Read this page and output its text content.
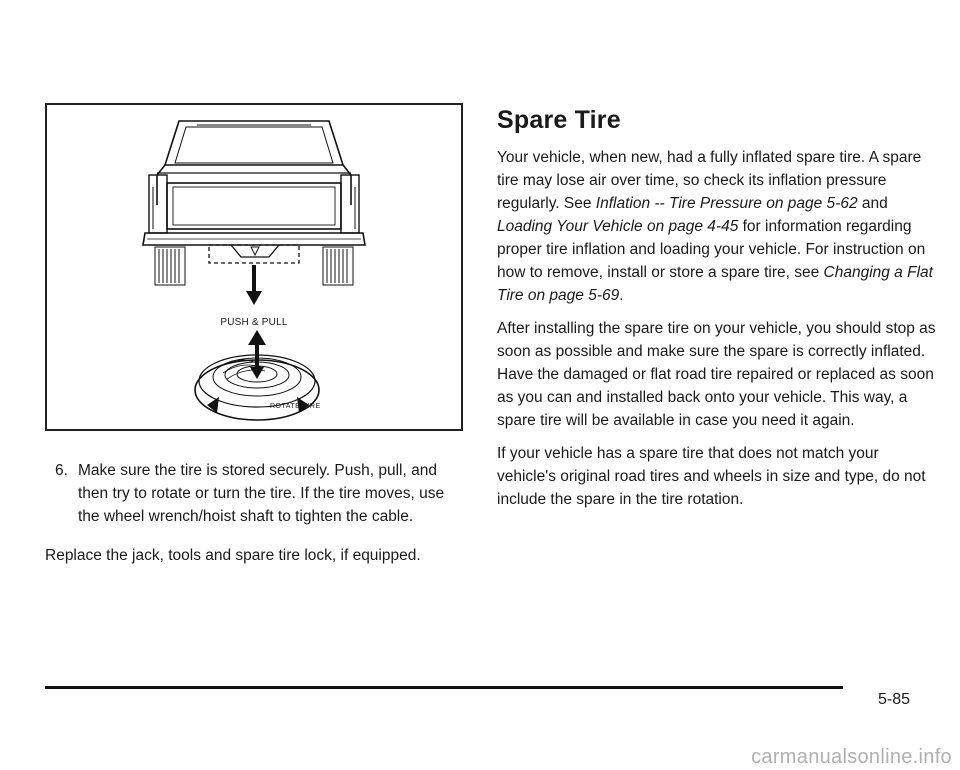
PUSH & PULL
ROTATE TIRE
6. Make sure the tire is stored securely. Push, pull, and then try to rotate or turn the tire. If the tire moves, use the wheel wrench/hoist shaft to tighten the cable.
Replace the jack, tools and spare tire lock, if equipped.
Spare Tire

Your vehicle, when new, had a fully inflated spare tire. A spare tire may lose air over time, so check its inflation pressure regularly. See Inflation -- Tire Pressure on page 5-62 and Loading Your Vehicle on page 4-45 for information regarding proper tire inflation and loading your vehicle. For instruction on how to remove, install or store a spare tire, see Changing a Flat Tire on page 5-69.

After installing the spare tire on your vehicle, you should stop as soon as possible and make sure the spare is correctly inflated. Have the damaged or flat road tire repaired or replaced as soon as you can and installed back onto your vehicle. This way, a spare tire will be available in case you need it again.

If your vehicle has a spare tire that does not match your vehicle's original road tires and wheels in size and type, do not include the spare in the tire rotation.

5-85
carmanualsonline.info
